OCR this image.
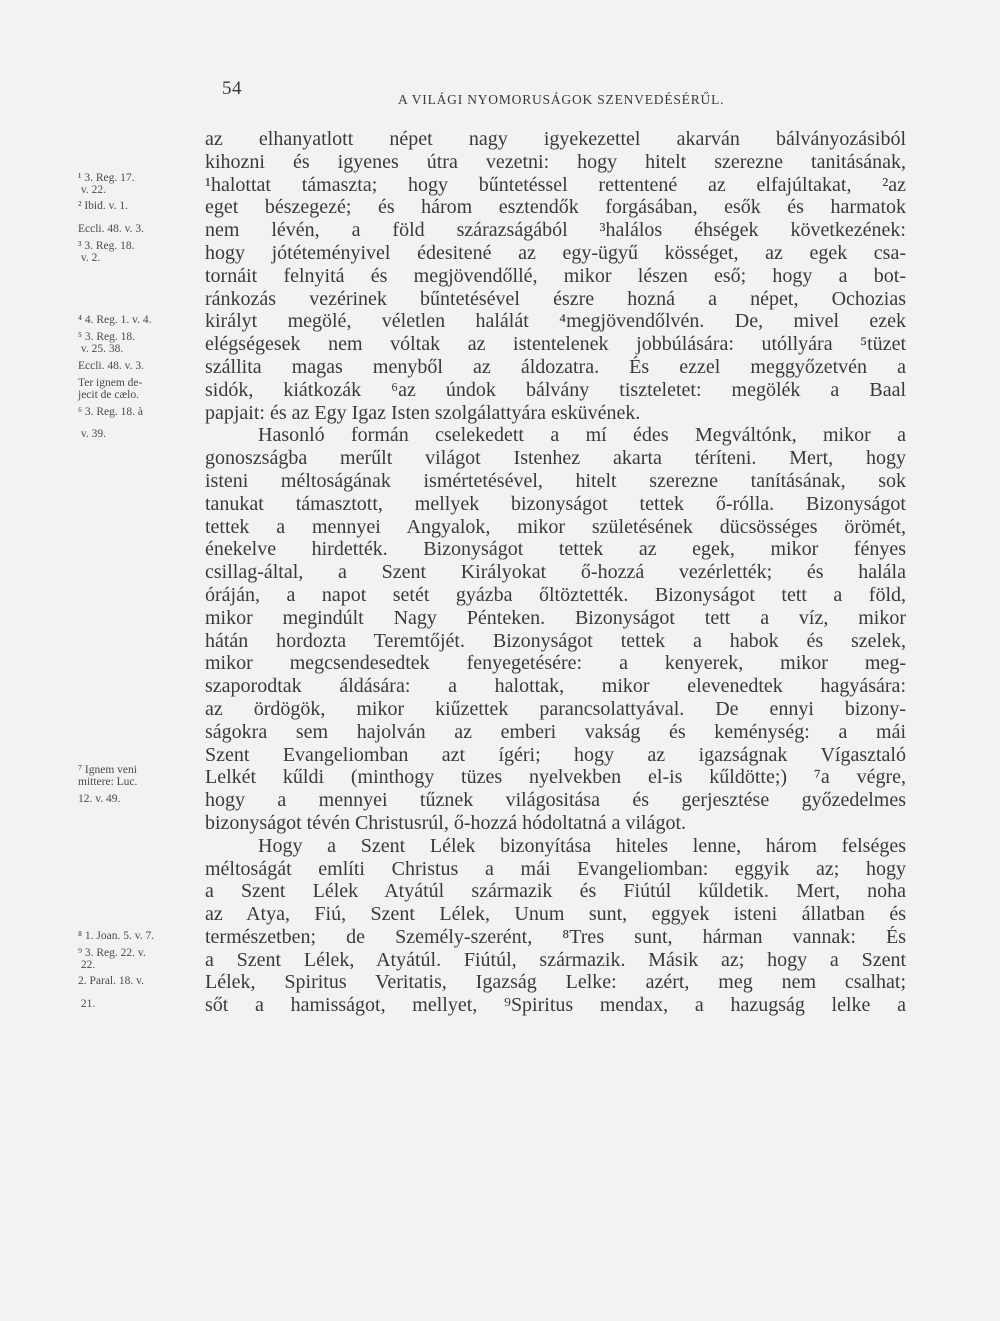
54
A VILÁGI NYOMORUSÁGOK SZENVEDÉSÉRŰL.
az elhanyatlott népet nagy igyekezettel akarván bálványozásiból
kihozni és igyenes útra vezetni: hogy hitelt szerezne tanitásának,
¹halottat támaszta; hogy bűntetéssel rettentené az elfajúltakat, ²az
¹ 3. Reg. 17.
v. 22.
eget bészegezé; és három esztendők forgásában, esők és harmatok
² Ibid. v. 1.
nem lévén, a föld szárazságából ³halálos éhségek következének:
Eccli. 48. v. 3.
hogy jótéteményivel édesitené az egy-ügyű kösséget, az egek csa-
³ 3. Reg. 18.
v. 2.
tornáit felnyitá és megjövendőllé, mikor lészen eső; hogy a bot-
ránkozás vezérinek bűntetésével észre hozná a népet, Ochozias
királyt megölé, véletlen halálát ⁴megjövendőlvén. De, mivel ezek
⁴ 4. Reg. 1. v. 4.
elégségesek nem vóltak az istentelenek jobbúlására: utóllyára ⁵tüzet
⁵ 3. Reg. 18.
v. 25. 38.
szállita magas menyből az áldozatra. És ezzel meggyőzetvén a
Eccli. 48. v. 3.
sidók, kiátkozák ⁶az úndok bálvány tiszteletet: megölék a Baal
Ter ignem de-
jecit de cælo.
papjait: és az Egy Igaz Isten szolgálattyára esküvének.
⁶ 3. Reg. 18. à
Hasonló formán cselekedett a mí édes Megváltónk, mikor a
v. 39.
gonoszságba merűlt világot Istenhez akarta téríteni. Mert, hogy
isteni méltoságának ismértetésével, hitelt szerezne tanításának, sok
tanukat támasztott, mellyek bizonyságot tettek ő-rólla. Bizonyságot
tettek a mennyei Angyalok, mikor születésének dücsösséges örömét,
énekelve hirdették. Bizonyságot tettek az egek, mikor fényes
csillag-által, a Szent Királyokat ő-hozzá vezérlették; és halála
óráján, a napot setét gyázba őltöztették. Bizonyságot tett a föld,
mikor megindúlt Nagy Pénteken. Bizonyságot tett a víz, mikor
hátán hordozta Teremtőjét. Bizonyságot tettek a habok és szelek,
mikor megcsendesedtek fenyegetésére: a kenyerek, mikor meg-
szaporodtak áldására: a halottak, mikor elevenedtek hagyására:
az ördögök, mikor kiűzettek parancsolattyával. De ennyi bizony-
ságokra sem hajolván az emberi vakság és keménység: a mái
Szent Evangeliomban azt ígéri; hogy az igazságnak Vígasztaló
Lelkét kűldi (minthogy tüzes nyelvekben el-is kűldötte;) ⁷a végre,
⁷ Ignem veni
mittere: Luc.
hogy a mennyei tűznek világositása és gerjesztése győzedelmes
12. v. 49.
bizonyságot tévén Christusrúl, ő-hozzá hódoltatná a világot.
Hogy a Szent Lélek bizonyítása hiteles lenne, három felséges
méltoságát említi Christus a mái Evangeliomban: eggyik az; hogy
a Szent Lélek Atyátúl származik és Fiútúl kűldetik. Mert, noha
az Atya, Fiú, Szent Lélek, Unum sunt, eggyek isteni állatban és
természetben; de Személy-szerént, ⁸Tres sunt, hárman vannak: És
⁸ 1. Joan. 5. v. 7.
a Szent Lélek, Atyátúl. Fiútúl, származik. Másik az; hogy a Szent
⁹ 3. Reg. 22. v.
22.
Lélek, Spiritus Veritatis, Igazság Lelke: azért, meg nem csalhat;
2. Paral. 18. v.
sőt a hamisságot, mellyet, ⁹Spiritus mendax, a hazugság lelke a
21.
